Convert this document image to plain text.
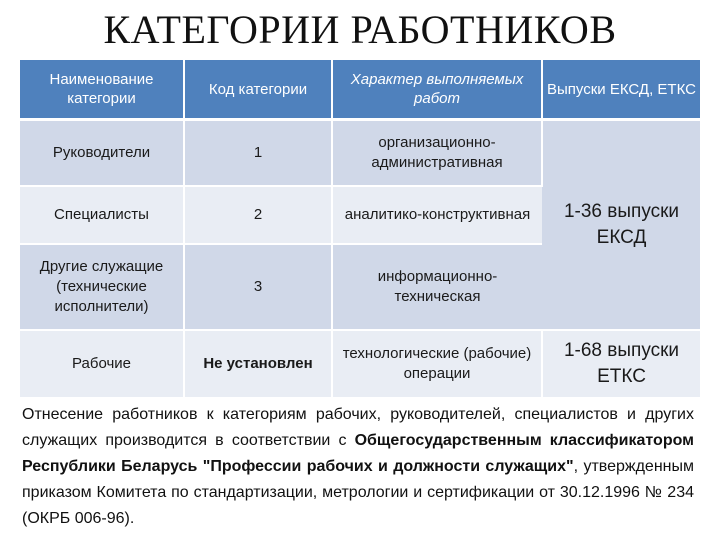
КАТЕГОРИИ РАБОТНИКОВ
Наименование категории	Код категории	Характер выполняемых работ	Выпуски ЕКСД, ЕТКС
Руководители	1	организационно-административная	1-36 выпуски ЕКСД
Специалисты	2	аналитико-конструктивная	
Другие служащие (технические исполнители)	3	информационно-техническая	
Рабочие	Не установлен	технологические (рабочие) операции	1-68 выпуски ЕТКС
Отнесение работников к категориям рабочих, руководителей, специалистов и других служащих производится в соответствии с Общегосударственным классификатором Республики Беларусь "Профессии рабочих и должности служащих", утвержденным приказом Комитета по стандартизации, метрологии и сертификации от 30.12.1996 № 234 (ОКРБ 006-96).
